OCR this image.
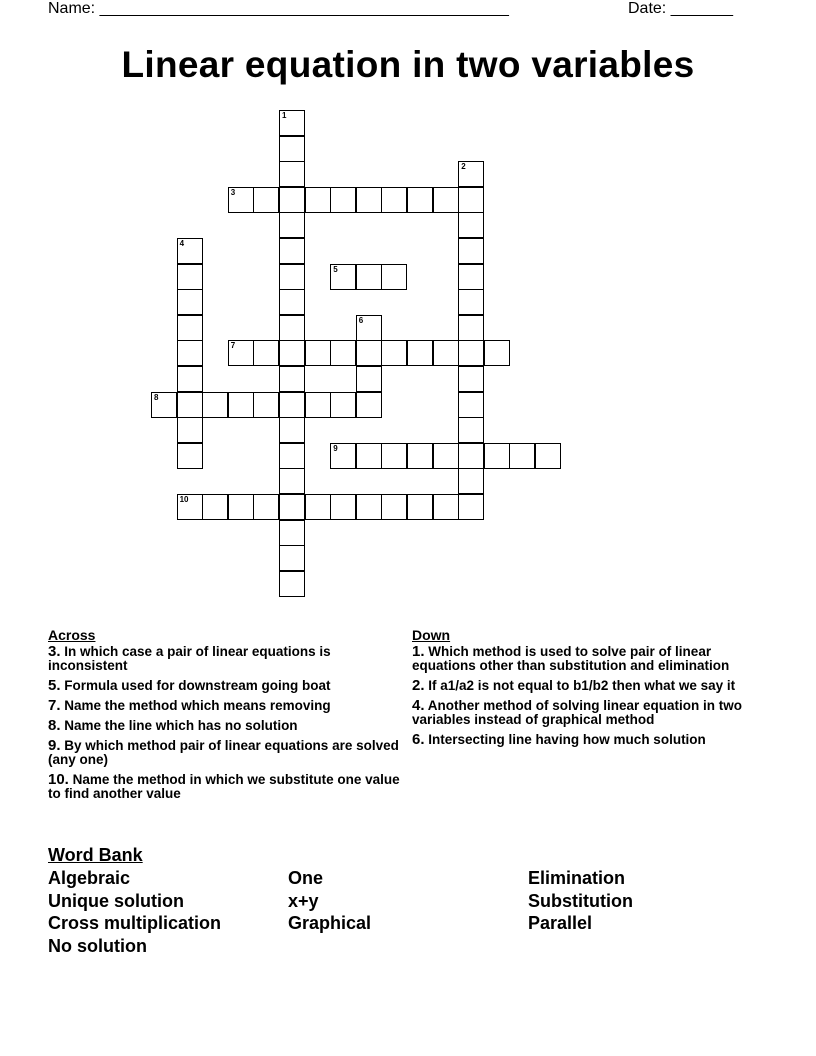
Name: ______________________________________________	Date: _______
Linear equation in two variables
1
2
3
4
5
6
7
8
9
10
Across
3. In which case a pair of linear equations is inconsistent
5. Formula used for downstream going boat
7. Name the method which means removing
8. Name the line which has no solution
9. By which method pair of linear equations are solved (any one)
10. Name the method in which we substitute one value to find another value
Down
1. Which method is used to solve pair of linear equations other than substitution and elimination
2. If a1/a2 is not equal to b1/b2 then what we say it
4. Another method of solving linear equation in two variables instead of graphical method
6. Intersecting line having how much solution
Word Bank
Algebraic
Unique solution
Cross multiplication
No solution
One
x+y
Graphical
Elimination
Substitution
Parallel
